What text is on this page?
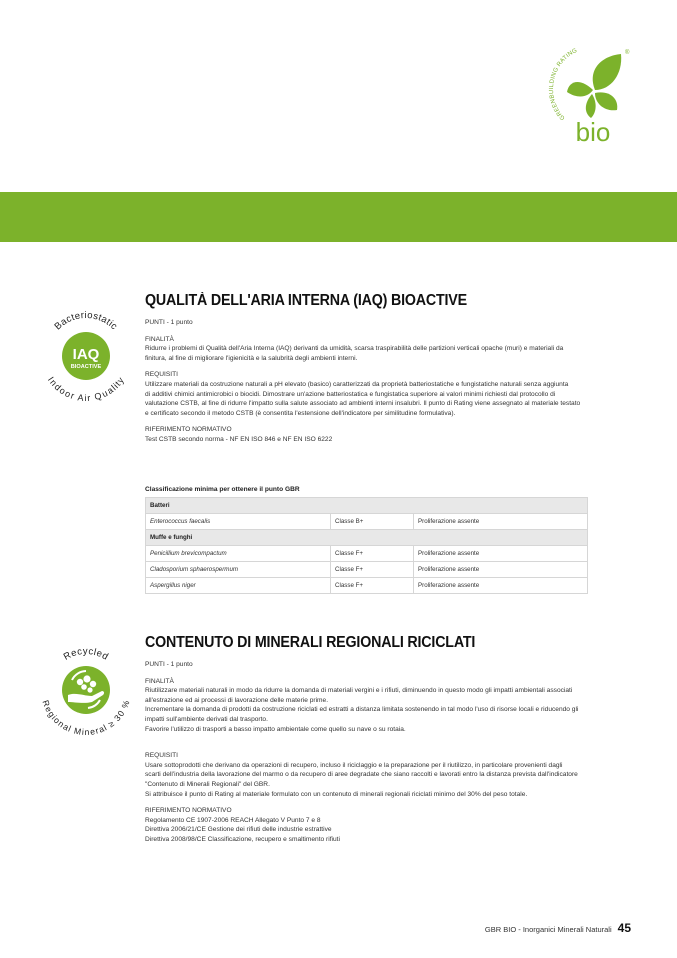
GREENBUILDING RATING	®
bio
Bacteriostatic
Indoor Air Quality
IAQ
BIOACTIVE
QUALITÀ DELL'ARIA INTERNA (IAQ) BIOACTIVE

PUNTI - 1 punto

FINALITÀ

Ridurre i problemi di Qualità dell'Aria Interna (IAQ) derivanti da umidità, scarsa traspirabilità delle partizioni verticali opache (muri) e materiali da

finitura, al fine di migliorare l'igienicità e la salubrità degli ambienti interni.

REQUISITI

Utilizzare materiali da costruzione naturali a pH elevato (basico) caratterizzati da proprietà batteriostatiche e fungistatiche naturali senza aggiunta

di additivi chimici antimicrobici o biocidi. Dimostrare un'azione batteriostatica e fungistatica superiore ai valori minimi richiesti dal protocollo di

valutazione CSTB, al fine di ridurre l'impatto sulla salute associato ad ambienti interni insalubri. Il punto di Rating viene assegnato al materiale testato

e certificato secondo il metodo CSTB (è consentita l'estensione dell'indicatore per similitudine formulativa).

RIFERIMENTO NORMATIVO

Test CSTB secondo norma - NF EN ISO 846 e NF EN ISO 6222

Classificazione minima per ottenere il punto GBR

Batteri		
Enterococcus faecalis	Classe B+	Proliferazione assente
Muffe e funghi		
Penicillium brevicompactum	Classe F+	Proliferazione assente
Cladosporium sphaerospermum	Classe F+	Proliferazione assente
Aspergillus niger	Classe F+	Proliferazione assente
Recycled
Regional Mineral ≥ 30 %
CONTENUTO DI MINERALI REGIONALI RICICLATI

PUNTI - 1 punto

FINALITÀ

Riutilizzare materiali naturali in modo da ridurre la domanda di materiali vergini e i rifiuti, diminuendo in questo modo gli impatti ambientali associati

all'estrazione ed ai processi di lavorazione delle materie prime.

Incrementare la domanda di prodotti da costruzione riciclati ed estratti a distanza limitata sostenendo in tal modo l'uso di risorse locali e riducendo gli

impatti sull'ambiente derivati dal trasporto.

Favorire l'utilizzo di trasporti a basso impatto ambientale come quello su nave o su rotaia.

REQUISITI

Usare sottoprodotti che derivano da operazioni di recupero, incluso il riciclaggio e la preparazione per il riutilizzo, in particolare provenienti dagli

scarti dell'industria della lavorazione del marmo o da recupero di aree degradate che siano raccolti e lavorati entro la distanza prevista dall'indicatore

"Contenuto di Minerali Regionali" del GBR.

Si attribuisce il punto di Rating al materiale formulato con un contenuto di minerali regionali riciclati minimo del 30% del peso totale.

RIFERIMENTO NORMATIVO

Regolamento CE 1907-2006 REACH Allegato V Punto 7 e 8

Direttiva 2006/21/CE Gestione dei rifiuti delle industrie estrattive

Direttiva 2008/98/CE Classificazione, recupero e smaltimento rifiuti

GBR BIO - Inorganici Minerali Naturali 45
